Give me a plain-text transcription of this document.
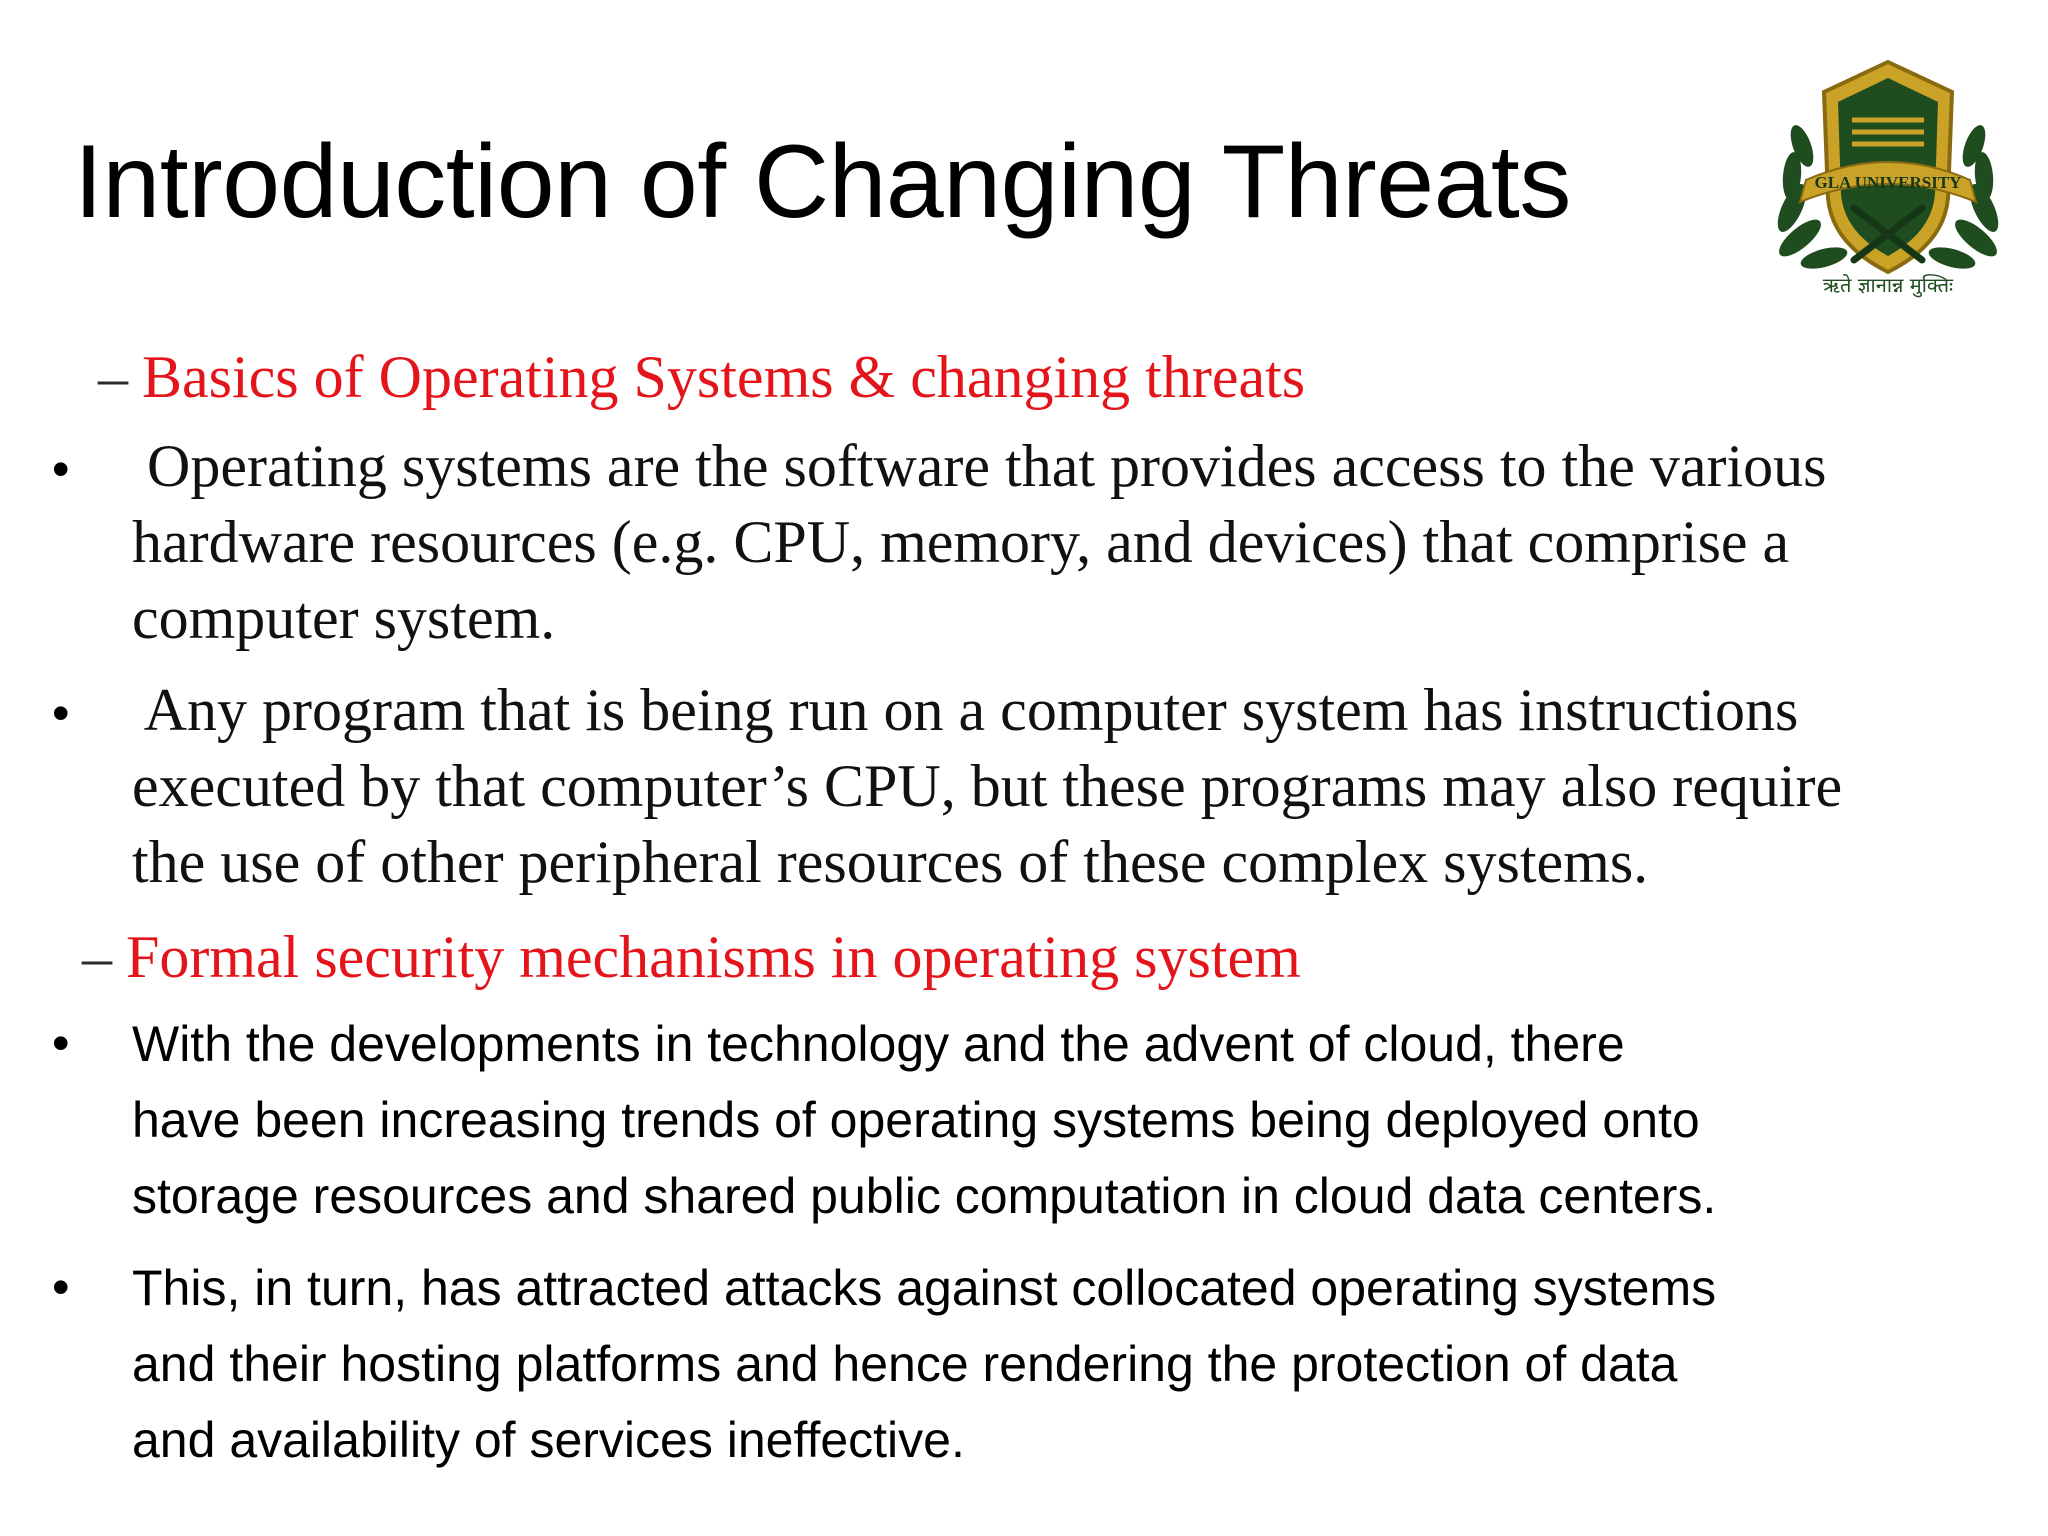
Introduction of Changing Threats	GLA UNIVERSITY
ऋते ज्ञानान्न मुक्तिः
– Basics of Operating Systems & changing threats
• Operating systems are the software that provides access to the various
hardware resources (e.g. CPU, memory, and devices) that comprise a
computer system.
• Any program that is being run on a computer system has instructions
executed by that computer’s CPU, but these programs may also require
the use of other peripheral resources of these complex systems.
– Formal security mechanisms in operating system
• With the developments in technology and the advent of cloud, there
have been increasing trends of operating systems being deployed onto
storage resources and shared public computation in cloud data centers.
• This, in turn, has attracted attacks against collocated operating systems
and their hosting platforms and hence rendering the protection of data
and availability of services ineffective.
